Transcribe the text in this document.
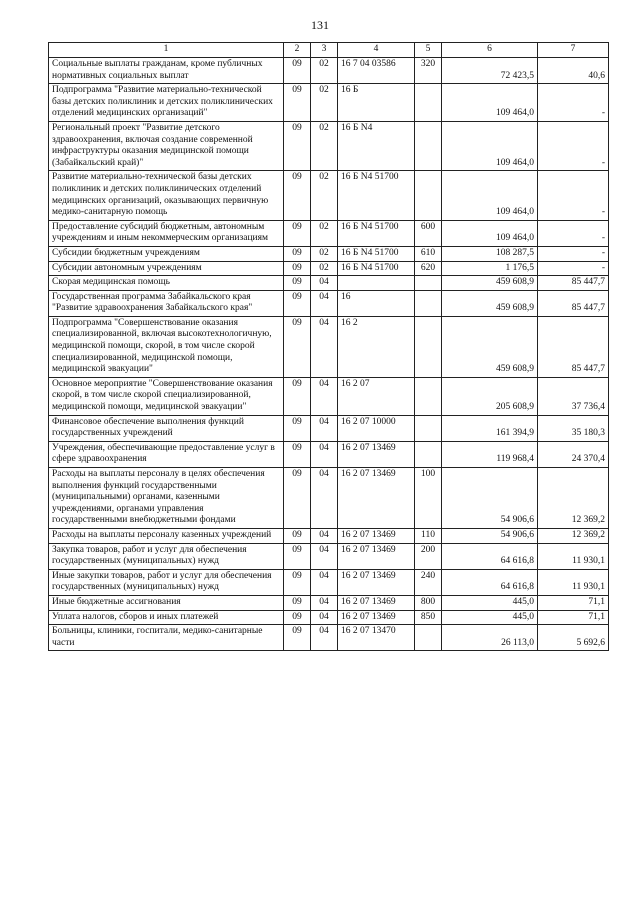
131
1	2	3	4	5	6	7
Социальные выплаты гражданам, кроме публичных нормативных социальных выплат	09	02	16 7 04 03586	320	72 423,5	40,6
Подпрограмма "Развитие материально-технической базы детских поликлиник и детских поликлинических отделений медицинских организаций"	09	02	16 Б		109 464,0	-
Региональный проект "Развитие детского здравоохранения, включая создание современной инфраструктуры оказания медицинской помощи (Забайкальский край)"	09	02	16 Б N4		109 464,0	-
Развитие материально-технической базы детских поликлиник и детских поликлинических отделений медицинских организаций, оказывающих первичную медико-санитарную помощь	09	02	16 Б N4 51700		109 464,0	-
Предоставление субсидий бюджетным, автономным учреждениям и иным некоммерческим организациям	09	02	16 Б N4 51700	600	109 464,0	-
Субсидии бюджетным учреждениям	09	02	16 Б N4 51700	610	108 287,5	-
Субсидии автономным учреждениям	09	02	16 Б N4 51700	620	1 176,5	-
Скорая медицинская помощь	09	04			459 608,9	85 447,7
Государственная программа Забайкальского края "Развитие здравоохранения Забайкальского края"	09	04	16		459 608,9	85 447,7
Подпрограмма "Совершенствование оказания специализированной, включая высокотехнологичную, медицинской помощи, скорой, в том числе скорой специализированной, медицинской помощи, медицинской эвакуации"	09	04	16 2		459 608,9	85 447,7
Основное мероприятие "Совершенствование оказания скорой, в том числе скорой специализированной, медицинской помощи, медицинской эвакуации"	09	04	16 2 07		205 608,9	37 736,4
Финансовое обеспечение выполнения функций государственных учреждений	09	04	16 2 07 10000		161 394,9	35 180,3
Учреждения, обеспечивающие предоставление услуг в сфере здравоохранения	09	04	16 2 07 13469		119 968,4	24 370,4
Расходы на выплаты персоналу в целях обеспечения выполнения функций государственными (муниципальными) органами, казенными учреждениями, органами управления государственными внебюджетными фондами	09	04	16 2 07 13469	100	54 906,6	12 369,2
Расходы на выплаты персоналу казенных учреждений	09	04	16 2 07 13469	110	54 906,6	12 369,2
Закупка товаров, работ и услуг для обеспечения государственных (муниципальных) нужд	09	04	16 2 07 13469	200	64 616,8	11 930,1
Иные закупки товаров, работ и услуг для обеспечения государственных (муниципальных) нужд	09	04	16 2 07 13469	240	64 616,8	11 930,1
Иные бюджетные ассигнования	09	04	16 2 07 13469	800	445,0	71,1
Уплата налогов, сборов и иных платежей	09	04	16 2 07 13469	850	445,0	71,1
Больницы, клиники, госпитали, медико-санитарные части	09	04	16 2 07 13470		26 113,0	5 692,6
